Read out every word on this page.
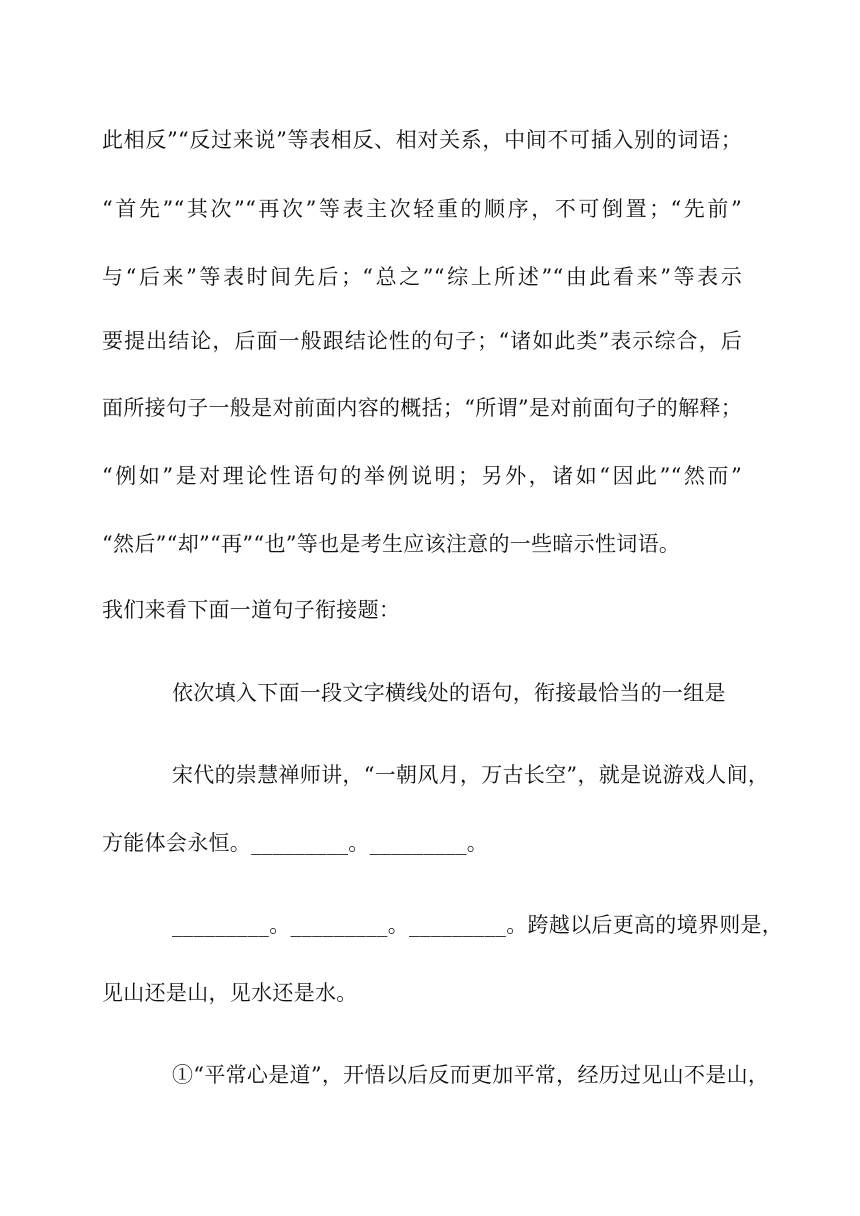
此相反”“反过来说”等表相反、相对关系，中间不可插入别的词语；
“首先”“其次”“再次”等表主次轻重的顺序，不可倒置；“先前”
与“后来”等表时间先后；“总之”“综上所述”“由此看来”等表示
要提出结论，后面一般跟结论性的句子；“诸如此类”表示综合，后
面所接句子一般是对前面内容的概括；“所谓”是对前面句子的解释；
“例如”是对理论性语句的举例说明；另外，诸如“因此”“然而”
“然后”“却”“再”“也”等也是考生应该注意的一些暗示性词语。
我们来看下面一道句子衔接题：
依次填入下面一段文字横线处的语句，衔接最恰当的一组是
宋代的崇慧禅师讲，“一朝风月，万古长空”，就是说游戏人间，
方能体会永恒。_________。_________。
_________。_________。_________。跨越以后更高的境界则是，
见山还是山，见水还是水。
①“平常心是道”，开悟以后反而更加平常，经历过见山不是山，
